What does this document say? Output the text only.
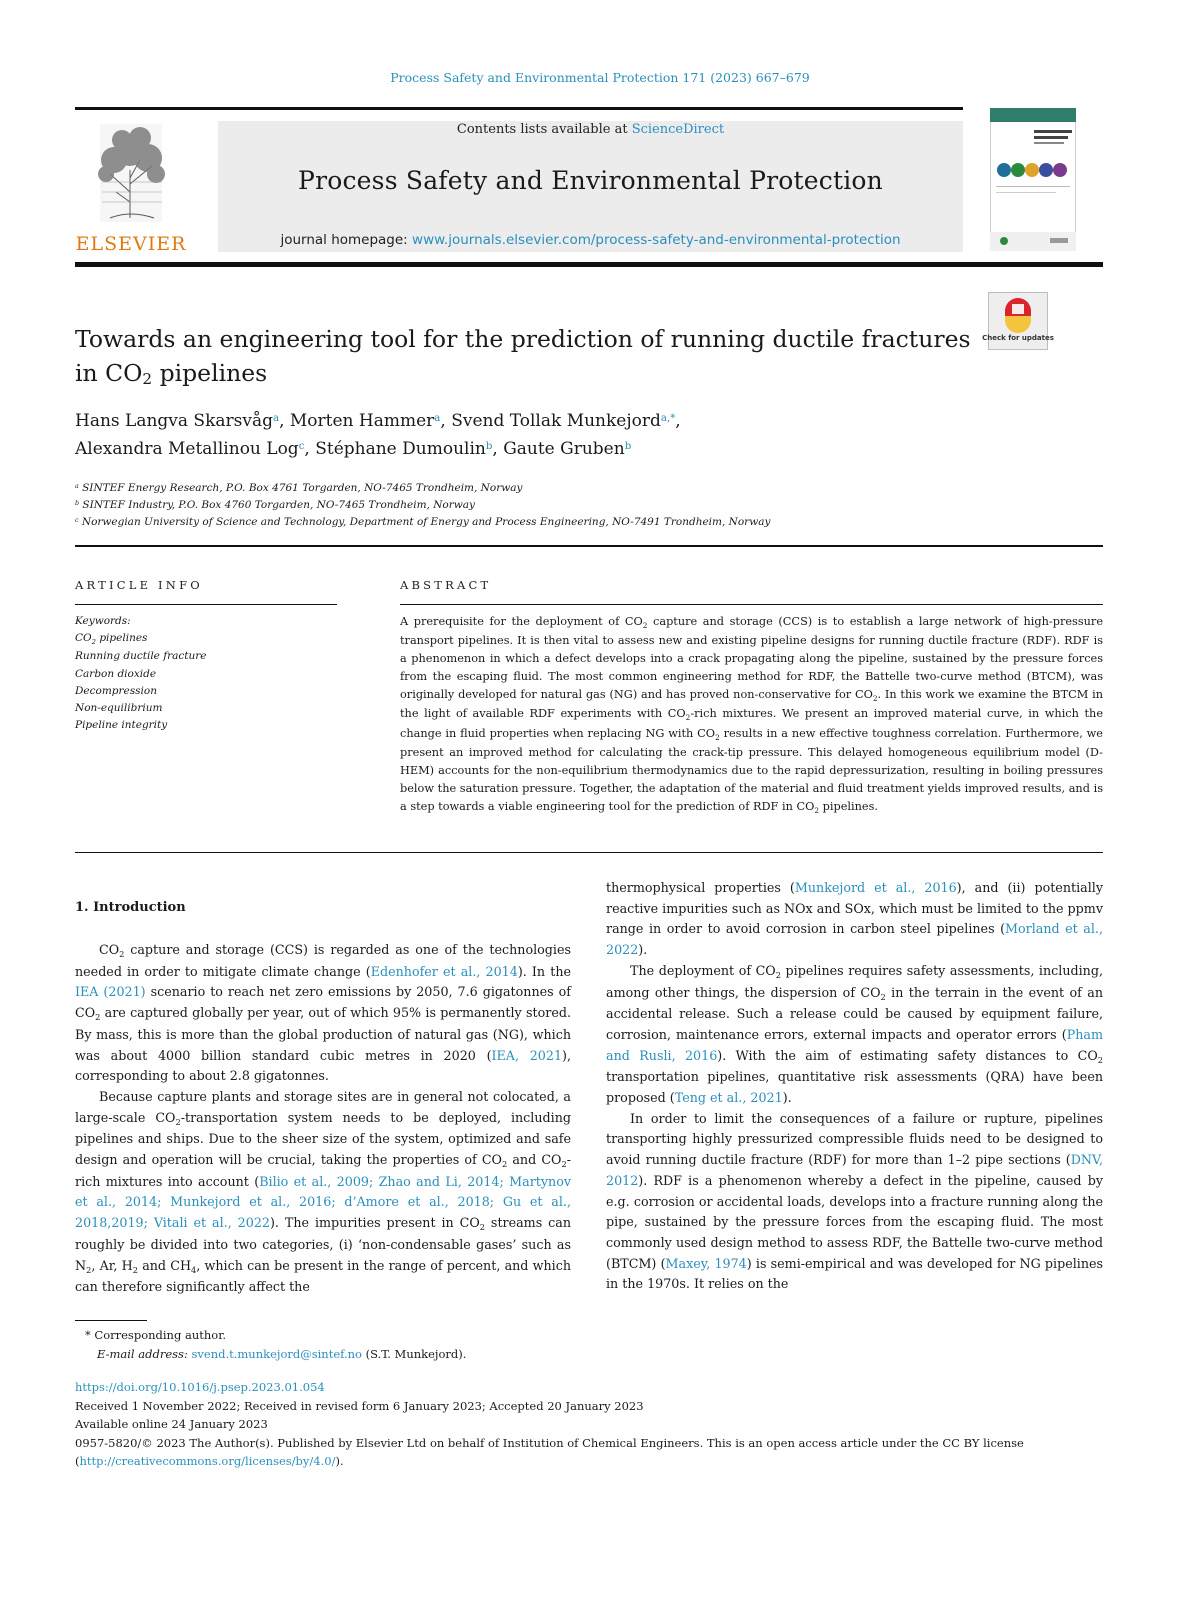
Process Safety and Environmental Protection 171 (2023) 667–679
ELSEVIER
Contents lists available at ScienceDirect
Process Safety and Environmental Protection
journal homepage: www.journals.elsevier.com/process-safety-and-environmental-protection
Towards an engineering tool for the prediction of running ductile fractures in $CO_2$ pipelines
Check for updates
Hans Langva Skarsvåg$^a$, Morten Hammer$^a$, Svend Tollak Munkejord$^{a,*}$,
Alexandra Metallinou Log$^c$, Stéphane Dumoulin$^b$, Gaute Gruben$^b$
$^a$ SINTEF Energy Research, P.O. Box 4761 Torgarden, NO-7465 Trondheim, Norway
$^b$ SINTEF Industry, P.O. Box 4760 Torgarden, NO-7465 Trondheim, Norway
$^c$ Norwegian University of Science and Technology, Department of Energy and Process Engineering, NO-7491 Trondheim, Norway
ARTICLE INFO
Keywords:
$CO_2$ pipelines
Running ductile fracture
Carbon dioxide
Decompression
Non-equilibrium
Pipeline integrity
ABSTRACT
A prerequisite for the deployment of $CO_2$ capture and storage (CCS) is to establish a large network of high-pressure transport pipelines. It is then vital to assess new and existing pipeline designs for running ductile fracture (RDF). RDF is a phenomenon in which a defect develops into a crack propagating along the pipeline, sustained by the pressure forces from the escaping fluid. The most common engineering method for RDF, the Battelle two-curve method (BTCM), was originally developed for natural gas (NG) and has proved non-conservative for $CO_2$. In this work we examine the BTCM in the light of available RDF experiments with $CO_2$-rich mixtures. We present an improved material curve, in which the change in fluid properties when replacing NG with $CO_2$ results in a new effective toughness correlation. Furthermore, we present an improved method for calculating the crack-tip pressure. This delayed homogeneous equilibrium model (D-HEM) accounts for the non-equilibrium thermodynamics due to the rapid depressurization, resulting in boiling pressures below the saturation pressure. Together, the adaptation of the material and fluid treatment yields improved results, and is a step towards a viable engineering tool for the prediction of RDF in $CO_2$ pipelines.
1. Introduction

$CO_2$ capture and storage (CCS) is regarded as one of the technologies needed in order to mitigate climate change (Edenhofer et al., 2014). In the IEA (2021) scenario to reach net zero emissions by 2050, 7.6 gigatonnes of $CO_2$ are captured globally per year, out of which 95% is permanently stored. By mass, this is more than the global production of natural gas (NG), which was about 4000 billion standard cubic metres in 2020 (IEA, 2021), corresponding to about 2.8 gigatonnes.

Because capture plants and storage sites are in general not colocated, a large-scale $CO_2$-transportation system needs to be deployed, including pipelines and ships. Due to the sheer size of the system, optimized and safe design and operation will be crucial, taking the properties of $CO_2$ and $CO_2$-rich mixtures into account (Bilio et al., 2009; Zhao and Li, 2014; Martynov et al., 2014; Munkejord et al., 2016; d’Amore et al., 2018; Gu et al., 2018,2019; Vitali et al., 2022). The impurities present in $CO_2$ streams can roughly be divided into two categories, (i) ‘non-condensable gases’ such as $N_2$, Ar, $H_2$ and $CH_4$, which can be present in the range of percent, and which can therefore significantly affect the

thermophysical properties (Munkejord et al., 2016), and (ii) potentially reactive impurities such as NOx and SOx, which must be limited to the ppmv range in order to avoid corrosion in carbon steel pipelines (Morland et al., 2022).

The deployment of $CO_2$ pipelines requires safety assessments, including, among other things, the dispersion of $CO_2$ in the terrain in the event of an accidental release. Such a release could be caused by equipment failure, corrosion, maintenance errors, external impacts and operator errors (Pham and Rusli, 2016). With the aim of estimating safety distances to $CO_2$ transportation pipelines, quantitative risk assessments (QRA) have been proposed (Teng et al., 2021).

In order to limit the consequences of a failure or rupture, pipelines transporting highly pressurized compressible fluids need to be designed to avoid running ductile fracture (RDF) for more than 1–2 pipe sections (DNV, 2012). RDF is a phenomenon whereby a defect in the pipeline, caused by e.g. corrosion or accidental loads, develops into a fracture running along the pipe, sustained by the pressure forces from the escaping fluid. The most commonly used design method to assess RDF, the Battelle two-curve method (BTCM) (Maxey, 1974) is semi-empirical and was developed for NG pipelines in the 1970s. It relies on the

* Corresponding author.
E-mail address: svend.t.munkejord@sintef.no (S.T. Munkejord).
https://doi.org/10.1016/j.psep.2023.01.054
Received 1 November 2022; Received in revised form 6 January 2023; Accepted 20 January 2023
Available online 24 January 2023
0957-5820/© 2023 The Author(s). Published by Elsevier Ltd on behalf of Institution of Chemical Engineers. This is an open access article under the CC BY license
(http://creativecommons.org/licenses/by/4.0/).
